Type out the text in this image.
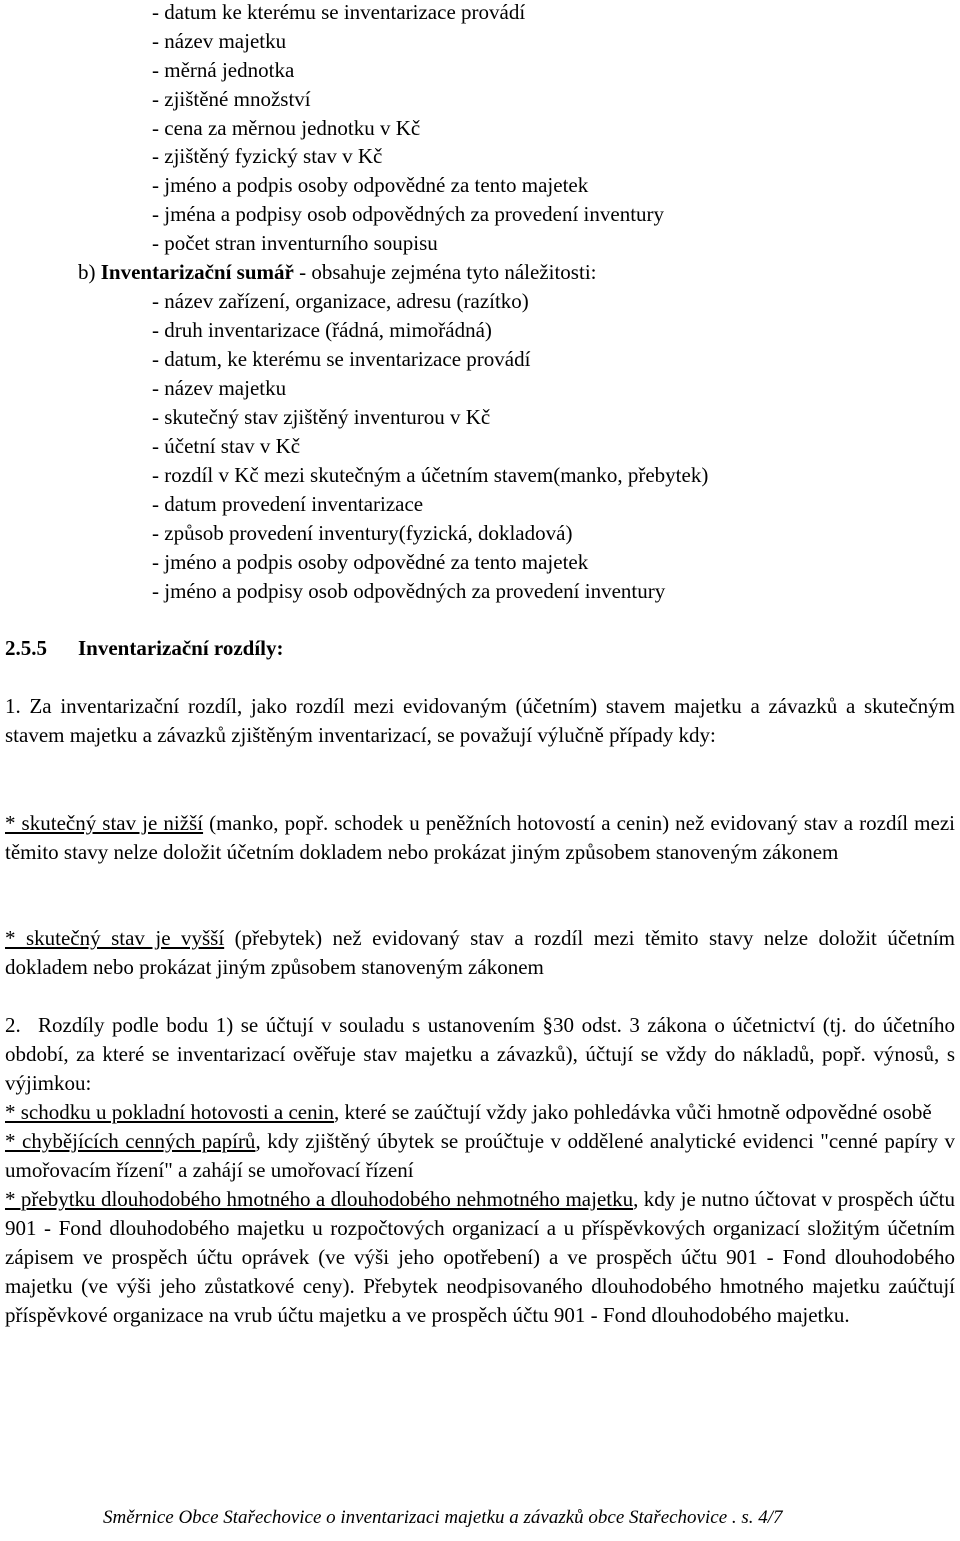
- datum ke kterému se inventarizace provádí
- název majetku
- měrná jednotka
- zjištěné množství
- cena za měrnou jednotku v Kč
- zjištěný fyzický stav v Kč
- jméno a podpis osoby odpovědné za tento majetek
- jména a podpisy osob odpovědných za provedení inventury
- počet stran inventurního soupisu
b) Inventarizační sumář - obsahuje zejména tyto náležitosti:
- název zařízení, organizace, adresu (razítko)
- druh inventarizace (řádná, mimořádná)
- datum, ke kterému se inventarizace provádí
- název majetku
- skutečný stav zjištěný inventurou v Kč
- účetní stav v Kč
- rozdíl v Kč mezi skutečným a účetním stavem(manko, přebytek)
- datum provedení inventarizace
- způsob provedení inventury(fyzická, dokladová)
- jméno a podpis osoby odpovědné za tento majetek
- jméno a podpisy osob odpovědných za provedení inventury
2.5.5 Inventarizační rozdíly:

1. Za inventarizační rozdíl, jako rozdíl mezi evidovaným (účetním) stavem majetku a závazků a skutečným stavem majetku a závazků zjištěným inventarizací, se považují výlučně případy kdy:

* skutečný stav je nižší (manko, popř. schodek u peněžních hotovostí a cenin) než evidovaný stav a rozdíl mezi těmito stavy nelze doložit účetním dokladem nebo prokázat jiným způsobem stanoveným zákonem

* skutečný stav je vyšší (přebytek) než evidovaný stav a rozdíl mezi těmito stavy nelze doložit účetním dokladem nebo prokázat jiným způsobem stanoveným zákonem

2. Rozdíly podle bodu 1) se účtují v souladu s ustanovením §30 odst. 3 zákona o účetnictví (tj. do účetního období, za které se inventarizací ověřuje stav majetku a závazků), účtují se vždy do nákladů, popř. výnosů, s výjimkou:

* schodku u pokladní hotovosti a cenin, které se zaúčtují vždy jako pohledávka vůči hmotně odpovědné osobě

* chybějících cenných papírů, kdy zjištěný úbytek se proúčtuje v oddělené analytické evidenci "cenné papíry v umořovacím řízení" a zahájí se umořovací řízení

* přebytku dlouhodobého hmotného a dlouhodobého nehmotného majetku, kdy je nutno účtovat v prospěch účtu 901 - Fond dlouhodobého majetku u rozpočtových organizací a u příspěvkových organizací složitým účetním zápisem ve prospěch účtu oprávek (ve výši jeho opotřebení) a ve prospěch účtu 901 - Fond dlouhodobého majetku (ve výši jeho zůstatkové ceny). Přebytek neodpisovaného dlouhodobého hmotného majetku zaúčtují příspěvkové organizace na vrub účtu majetku a ve prospěch účtu 901 - Fond dlouhodobého majetku.

Směrnice Obce Stařechovice o inventarizaci majetku a závazků obce Stařechovice . s. 4/7
